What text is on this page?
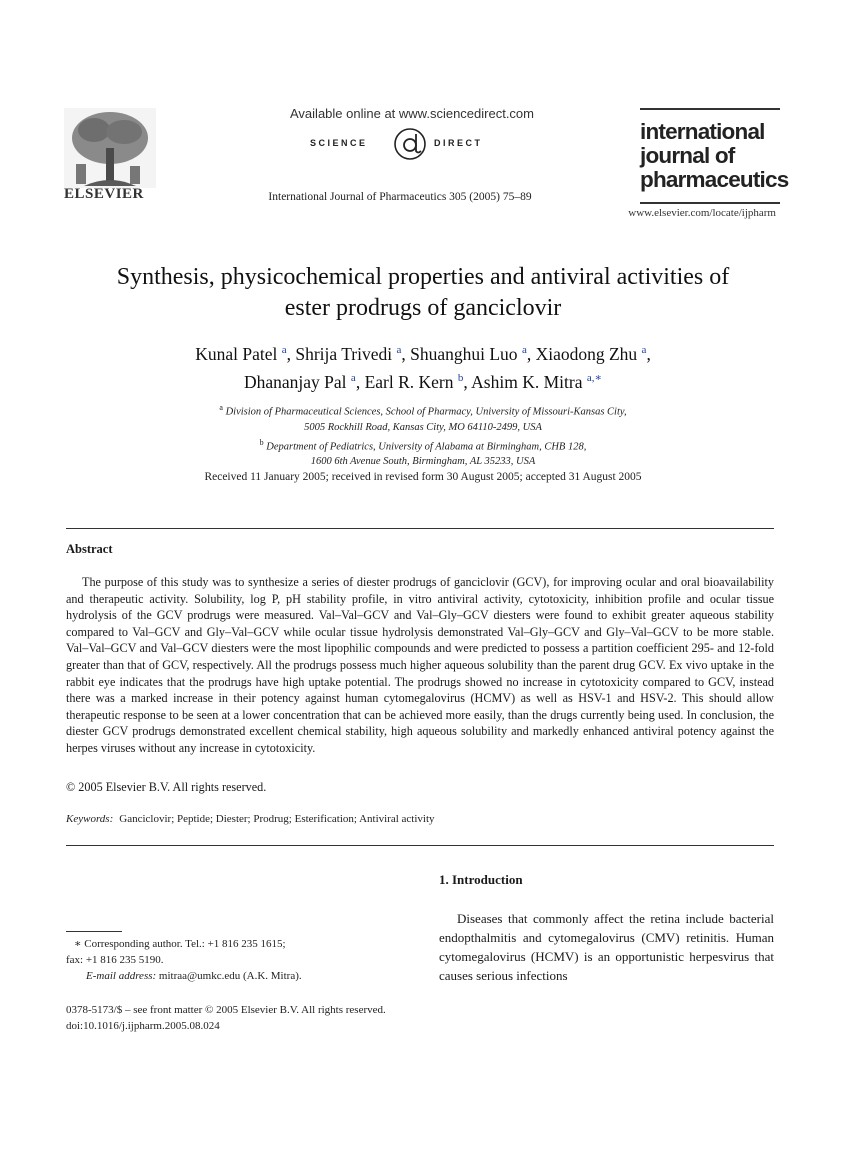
ELSEVIER
Available online at www.sciencedirect.com
SCIENCE	DIRECT
International Journal of Pharmaceutics 305 (2005) 75–89
international
journal of
pharmaceutics
www.elsevier.com/locate/ijpharm
Synthesis, physicochemical properties and antiviral activities of
ester prodrugs of ganciclovir
Kunal Patel $^a$, Shrija Trivedi $^a$, Shuanghui Luo $^a$, Xiaodong Zhu $^a$,
Dhananjay Pal $^a$, Earl R. Kern $^b$, Ashim K. Mitra $^{a,∗}$
$^a$ Division of Pharmaceutical Sciences, School of Pharmacy, University of Missouri-Kansas City,
5005 Rockhill Road, Kansas City, MO 64110-2499, USA
$^b$ Department of Pediatrics, University of Alabama at Birmingham, CHB 128,
1600 6th Avenue South, Birmingham, AL 35233, USA
Received 11 January 2005; received in revised form 30 August 2005; accepted 31 August 2005
Abstract
The purpose of this study was to synthesize a series of diester prodrugs of ganciclovir (GCV), for improving ocular and oral bioavailability and therapeutic activity. Solubility, log P, pH stability profile, in vitro antiviral activity, cytotoxicity, inhibition profile and ocular tissue hydrolysis of the GCV prodrugs were measured. Val–Val–GCV and Val–Gly–GCV diesters were found to exhibit greater aqueous stability compared to Val–GCV and Gly–Val–GCV while ocular tissue hydrolysis demonstrated Val–Gly–GCV and Gly–Val–GCV to be more stable. Val–Val–GCV and Val–GCV diesters were the most lipophilic compounds and were predicted to possess a partition coefficient 295- and 12-fold greater than that of GCV, respectively. All the prodrugs possess much higher aqueous solubility than the parent drug GCV. Ex vivo uptake in the rabbit eye indicates that the prodrugs have high uptake potential. The prodrugs showed no increase in cytotoxicity compared to GCV, instead there was a marked increase in their potency against human cytomegalovirus (HCMV) as well as HSV-1 and HSV-2. This should allow therapeutic response to be seen at a lower concentration that can be achieved more easily, than the drugs currently being used. In conclusion, the diester GCV prodrugs demonstrated excellent chemical stability, high aqueous solubility and markedly enhanced antiviral potency against the herpes viruses without any increase in cytotoxicity.
© 2005 Elsevier B.V. All rights reserved.
Keywords: Ganciclovir; Peptide; Diester; Prodrug; Esterification; Antiviral activity
1. Introduction
Diseases that commonly affect the retina include bacterial endopthalmitis and cytomegalovirus (CMV) retinitis. Human cytomegalovirus (HCMV) is an opportunistic herpesvirus that causes serious infections
∗ Corresponding author. Tel.: +1 816 235 1615;
fax: +1 816 235 5190.
E-mail address: mitraa@umkc.edu (A.K. Mitra).
0378-5173/$ – see front matter © 2005 Elsevier B.V. All rights reserved.
doi:10.1016/j.ijpharm.2005.08.024
